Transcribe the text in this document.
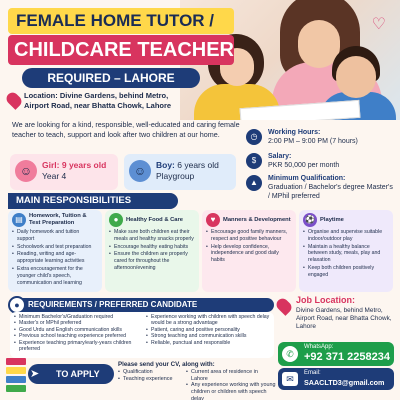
♡
FEMALE HOME TUTOR /
CHILDCARE TEACHER
REQUIRED – LAHORE
Location: Divine Gardens, behind Metro,
Airport Road, near Bhatta Chowk, Lahore
We are looking for a kind, responsible, well-educated and caring female teacher to teach, support and look after two children at our home.
☺	Girl: 9 years old
Year 4	☺	Boy: 6 years old
Playgroup
◷	Working Hours:
2:00 PM – 9:00 PM (7 hours)
$	Salary:
PKR 50,000 per month
▲	Minimum Qualification:
Graduation / Bachelor's degree Master's / MPhil preferred
MAIN RESPONSIBILITIES
▤	Homework, Tuition & Test Preparation
• Daily homework and tuition support
• Schoolwork and test preparation
• Reading, writing and age-appropriate learning activities
• Extra encouragement for the younger child's speech, communication and learning
●	Healthy Food & Care
• Make sure both children eat their meals and healthy snacks properly
• Encourage healthy eating habits
• Ensure the children are properly cared for throughout the afternoon/evening
♥	Manners & Development
• Encourage good family manners, respect and positive behaviour
• Help develop confidence, independence and good daily habits
⚽ Playtime
• Organise and supervise suitable indoor/outdoor play
• Maintain a healthy balance between study, meals, play and relaxation
• Keep both children positively engaged
REQUIREMENTS / PREFERRED CANDIDATE
●
• Minimum Bachelor's/Graduation required
• Master's or MPhil preferred
• Good Urdu and English communication skills
• Previous school teaching experience preferred
• Experience teaching primary/early-years children preferred
• Experience working with children with speech delay would be a strong advantage
• Patient, caring and positive personality
• Strong teaching and communication skills
• Reliable, punctual and responsible
TO APPLY
➤
Please send your CV, along with:
• Qualification
• Teaching experience
• Current area of residence in Lahore
• Any experience working with young children or children with speech delay
Job Location:
Divine Gardens, behind Metro,
Airport Road, near Bhatta Chowk, Lahore
✆
WhatsApp:
+92 371 2258234
✉
Email:
SAACLTD3@gmail.com
